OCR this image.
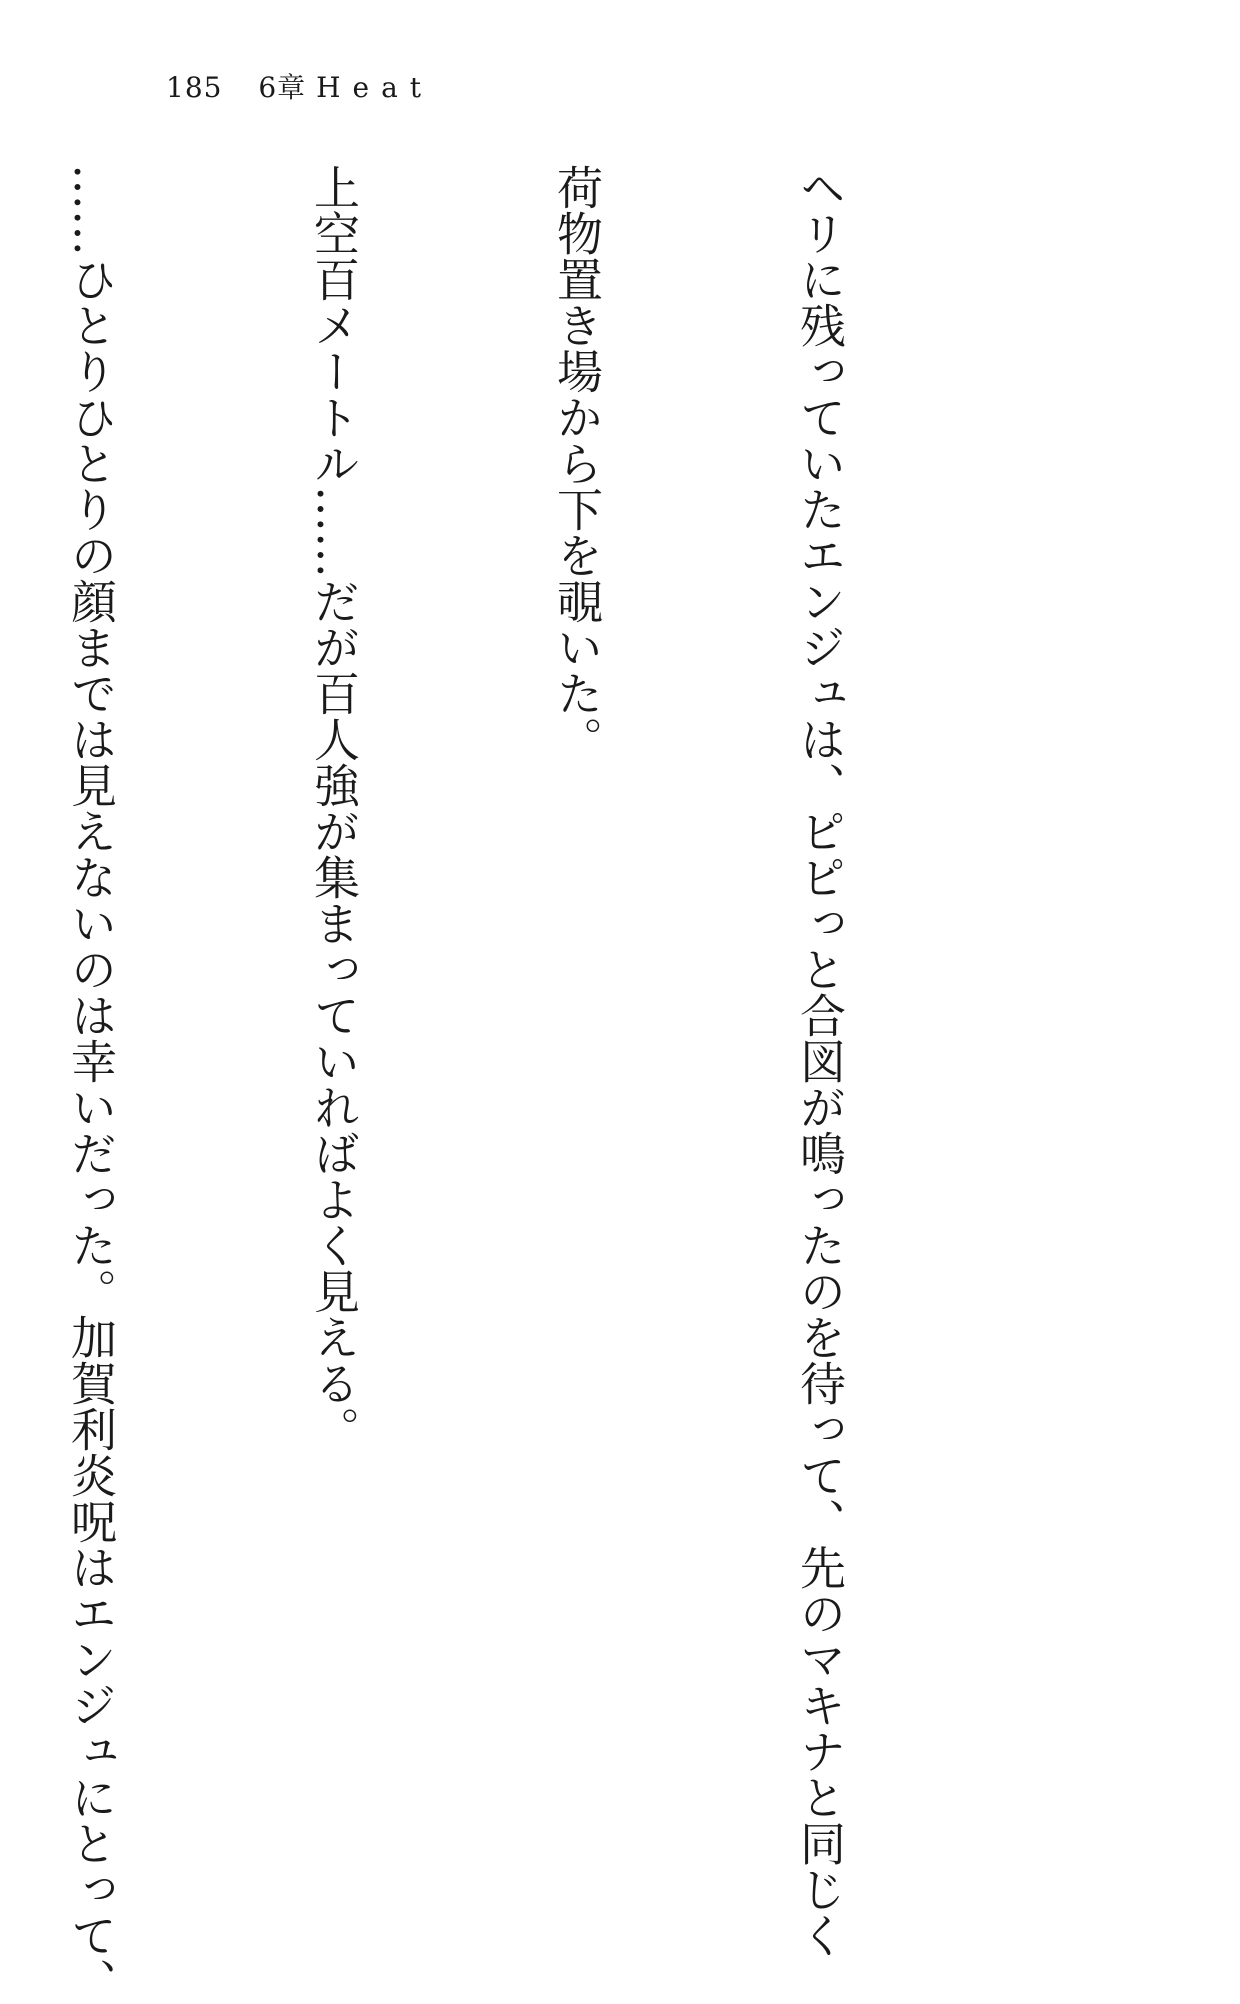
185 6章 Heat

ヘリに残っていたエンジュは、ピピっと合図が鳴ったのを待って、先のマキナと同じく

荷物置き場から下を覗いた。

上空百メートル……だが百人強が集まっていればよく見える。

……ひとりひとりの顔までは見えないのは幸いだった。加賀利炎呪はエンジュにとって、
